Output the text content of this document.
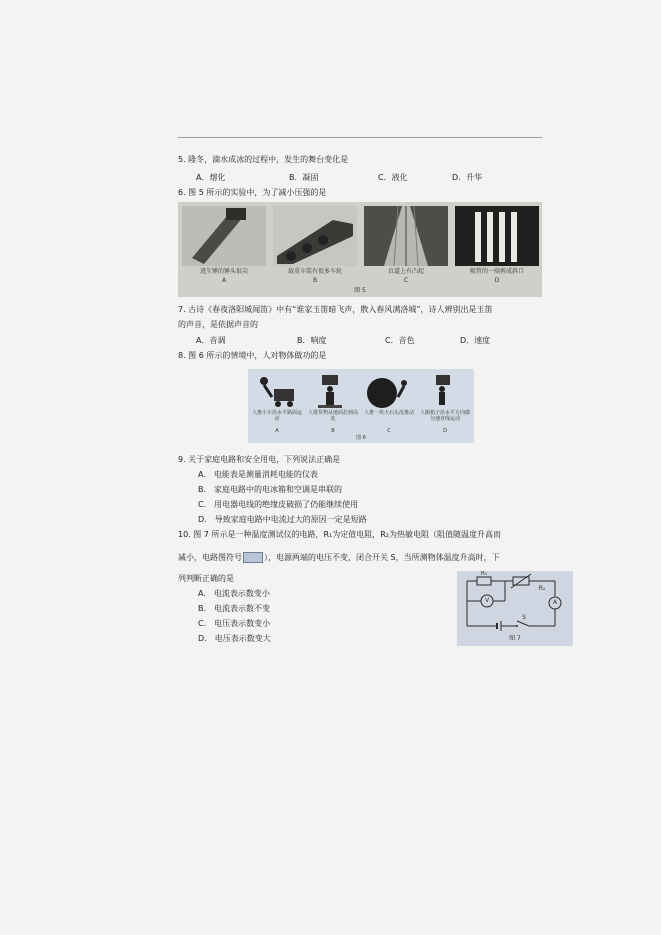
5. 隆冬，滴水成冰的过程中，发生的舞台变化是
A．熔化	B．凝固	C．液化	D．升华
6. 图 5 所示的实验中，为了减小压强的是
逃生锤的锤头很尖	载重车装有很多车轮	盲道上有凸起	吸管的一端剪成斜口
A	B	C	D
图 5
7. 古诗《春夜洛阳城闻笛》中有“谁家玉笛暗飞声，散入春风满洛城”，诗人辨别出是玉笛
的声音，是依据声音的
A．音调	B．响度	C．音色	D．速度
8. 图 6 所示的情境中，人对物体做功的是
人推小车沿水平路面运动
人将货物从地面拉到高处
人推一块大石头没推动	人搬箱子沿水平方向做匀速直线运动
A	B	C	D
图 6
9. 关于家庭电路和安全用电，下列说法正确是
A.　电能表是测量消耗电能的仪表
B.　家庭电路中的电冰箱和空调是串联的
C.　用电器电线的绝缘皮破损了仍能继续使用
D.　导致家庭电路中电流过大的原因一定是短路
10. 图 7 所示是一种温度测试仪的电路，R₁为定值电阻，R₂为热敏电阻（阻值随温度升高而
减小，电路图符号	），电源两端的电压不变，闭合开关 S，当所测物体温度升高时，下
列判断正确的是
A.　电流表示数变小
B.　电流表示数不变
C.　电压表示数变小
D.　电压表示数变大
R₁
R₂
V	A
S
图 7
